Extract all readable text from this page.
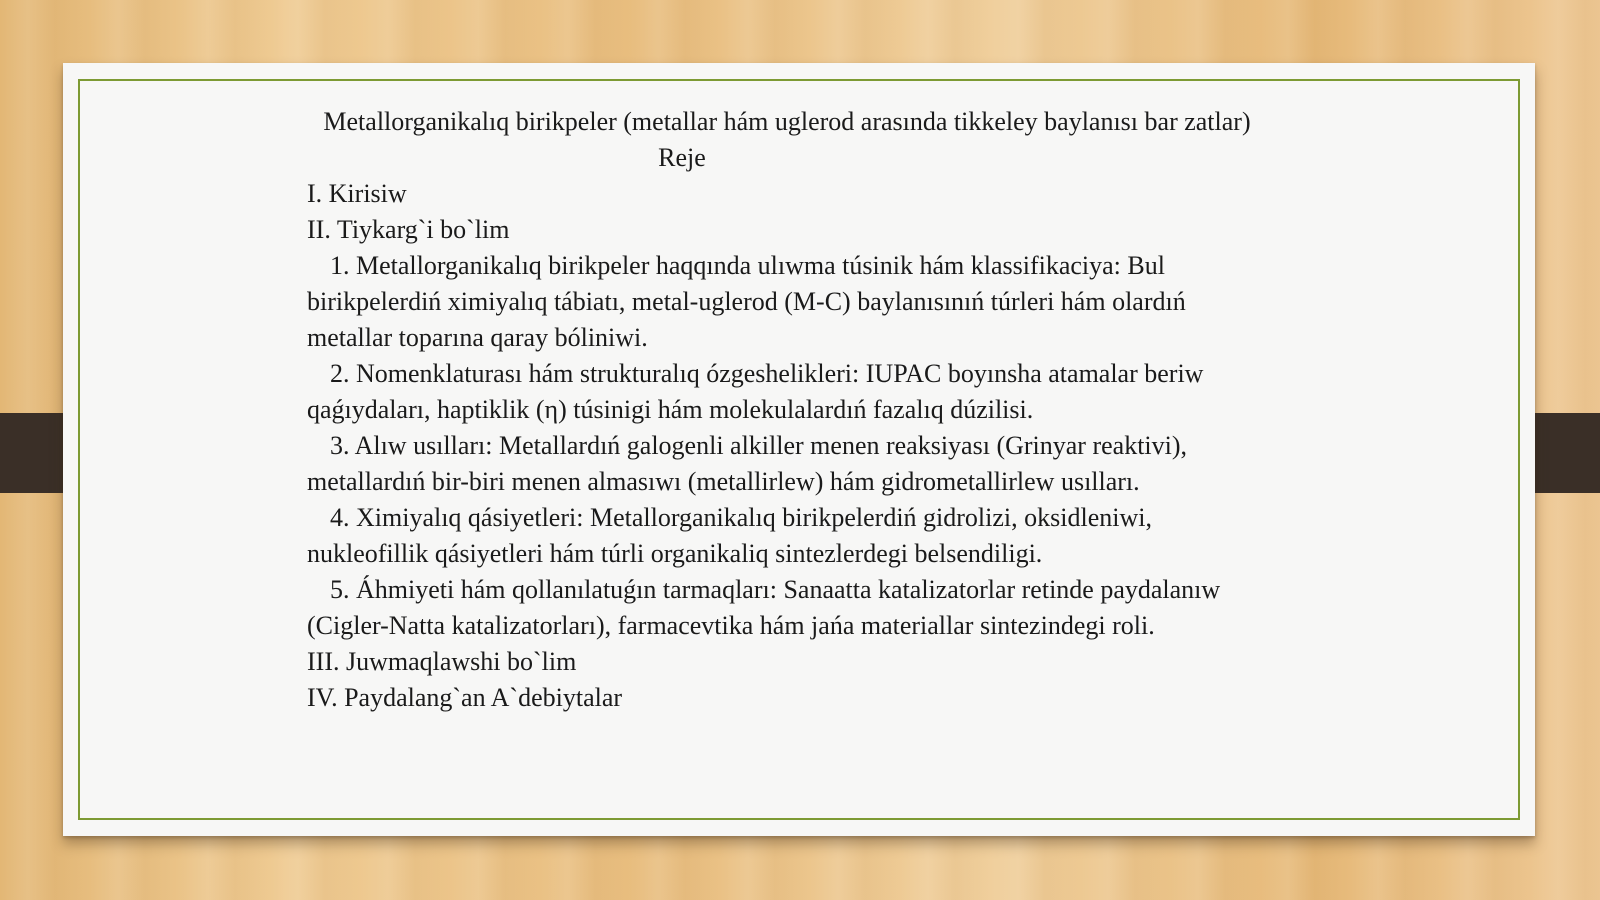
Metallorganikalıq birikpeler (metallar hám uglerod arasında tikkeley baylanısı bar zatlar)

Reje

I. Kirisiw

II. Tiykarg`i bo`lim

1. Metallorganikalıq birikpeler haqqında ulıwma túsinik hám klassifikaciya: Bul birikpelerdiń ximiyalıq tábiatı, metal-uglerod (M-C) baylanısınıń túrleri hám olardıń metallar toparına qaray bóliniwi.

2. Nomenklaturası hám strukturalıq ózgeshelikleri: IUPAC boyınsha atamalar beriw qaǵıydaları, haptiklik (η) túsinigi hám molekulalardıń fazalıq dúzilisi.

3. Alıw usılları: Metallardıń galogenli alkiller menen reaksiyası (Grinyar reaktivi), metallardıń bir-biri menen almasıwı (metallirlew) hám gidrometallirlew usılları.

4. Ximiyalıq qásiyetleri: Metallorganikalıq birikpelerdiń gidrolizi, oksidleniwi, nukleofillik qásiyetleri hám túrli organikaliq sintezlerdegi belsendiligi.

5. Áhmiyeti hám qollanılatuǵın tarmaqları: Sanaatta katalizatorlar retinde paydalanıw (Cigler-Natta katalizatorları), farmacevtika hám jańa materiallar sintezindegi roli.

III. Juwmaqlawshi bo`lim

IV. Paydalang`an A`debiytalar
